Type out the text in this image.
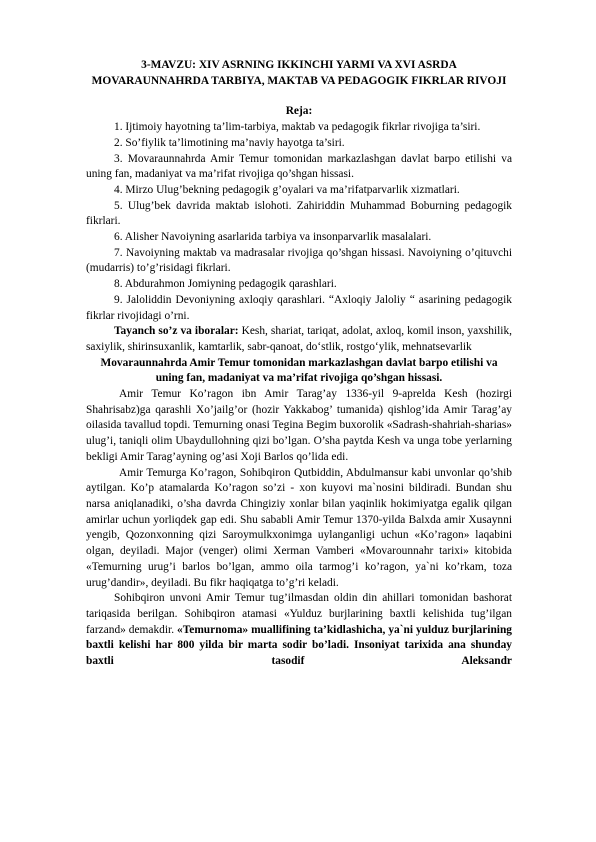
3-MAVZU: XIV ASRNING IKKINCHI YARMI VA XVI ASRDA MOVARAUNNAHRDA TARBIYA, MAKTAB VA PEDAGOGIK FIKRLAR RIVOJI

Reja:

1. Ijtimoiy hayotning ta’lim-tarbiya, maktab va pedagogik fikrlar rivojiga ta’siri.

2. So’fiylik ta’limotining ma’naviy hayotga ta’siri.

3. Movaraunnahrda Amir Temur tomonidan markazlashgan davlat barpo etilishi va uning fan, madaniyat va ma’rifat rivojiga qo’shgan hissasi.

4. Mirzo Ulug’bekning pedagogik g’oyalari va ma’rifatparvarlik xizmatlari.

5. Ulug’bek davrida maktab islohoti. Zahiriddin Muhammad Boburning pedagogik fikrlari.

6. Alisher Navoiyning asarlarida tarbiya va insonparvarlik masalalari.

7. Navoiyning maktab va madrasalar rivojiga qo’shgan hissasi. Navoiyning o’qituvchi (mudarris) to’g’risidagi fikrlari.

8. Abdurahmon Jomiyning pedagogik qarashlari.

9. Jaloliddin Devoniyning axloqiy qarashlari. “Axloqiy Jaloliy “ asarining pedagogik fikrlar rivojidagi o’rni.

Tayanch so’z va iboralar: Kesh, shariat, tariqat, adolat, axloq, komil inson, yaxshilik, saxiylik, shirinsuxanlik, kamtarlik, sabr-qanoat, do‘stlik, rostgo‘ylik, mehnatsevarlik

Movaraunnahrda Amir Temur tomonidan markazlashgan davlat barpo etilishi va uning fan, madaniyat va ma’rifat rivojiga qo’shgan hissasi.

Amir Temur Ko’ragon ibn Amir Tarag’ay 1336-yil 9-aprelda Kesh (hozirgi Shahrisabz)ga qarashli Xo’jailg’or (hozir Yakkabog’ tumanida) qishlog’ida Amir Tarag’ay oilasida tavallud topdi. Temurning onasi Tegina Begim buxorolik «Sadrash-shahriah-sharias» ulug’i, taniqli olim Ubaydullohning qizi bo’lgan. O’sha paytda Kesh va unga tobe yerlarning bekligi Amir Tarag’ayning og’asi Xoji Barlos qo’lida edi.

Amir Temurga Ko’ragon, Sohibqiron Qutbiddin, Abdulmansur kabi unvonlar qo’shib aytilgan. Ko’p atamalarda Ko’ragon so’zi - xon kuyovi ma`nosini bildiradi. Bundan shu narsa aniqlanadiki, o’sha davrda Chingiziy xonlar bilan yaqinlik hokimiyatga egalik qilgan amirlar uchun yorliqdek gap edi. Shu sababli Amir Temur 1370-yilda Balxda amir Xusaynni yengib, Qozonxonning qizi Saroymulkxonimga uylanganligi uchun «Ko’ragon» laqabini olgan, deyiladi. Major (venger) olimi Xerman Vamberi «Movarounnahr tarixi» kitobida «Temurning urug’i barlos bo’lgan, ammo oila tarmog’i ko’ragon, ya`ni ko’rkam, toza urug’dandir», deyiladi. Bu fikr haqiqatga to’g’ri keladi.

Sohibqiron unvoni Amir Temur tug’ilmasdan oldin din ahillari tomonidan bashorat tariqasida berilgan. Sohibqiron atamasi «Yulduz burjlarining baxtli kelishida tug’ilgan farzand» demakdir. «Temurnoma» muallifining ta’kidlashicha, ya`ni yulduz burjlarining baxtli kelishi har 800 yilda bir marta sodir bo’ladi. Insoniyat tarixida ana shunday baxtli tasodif Aleksandr
